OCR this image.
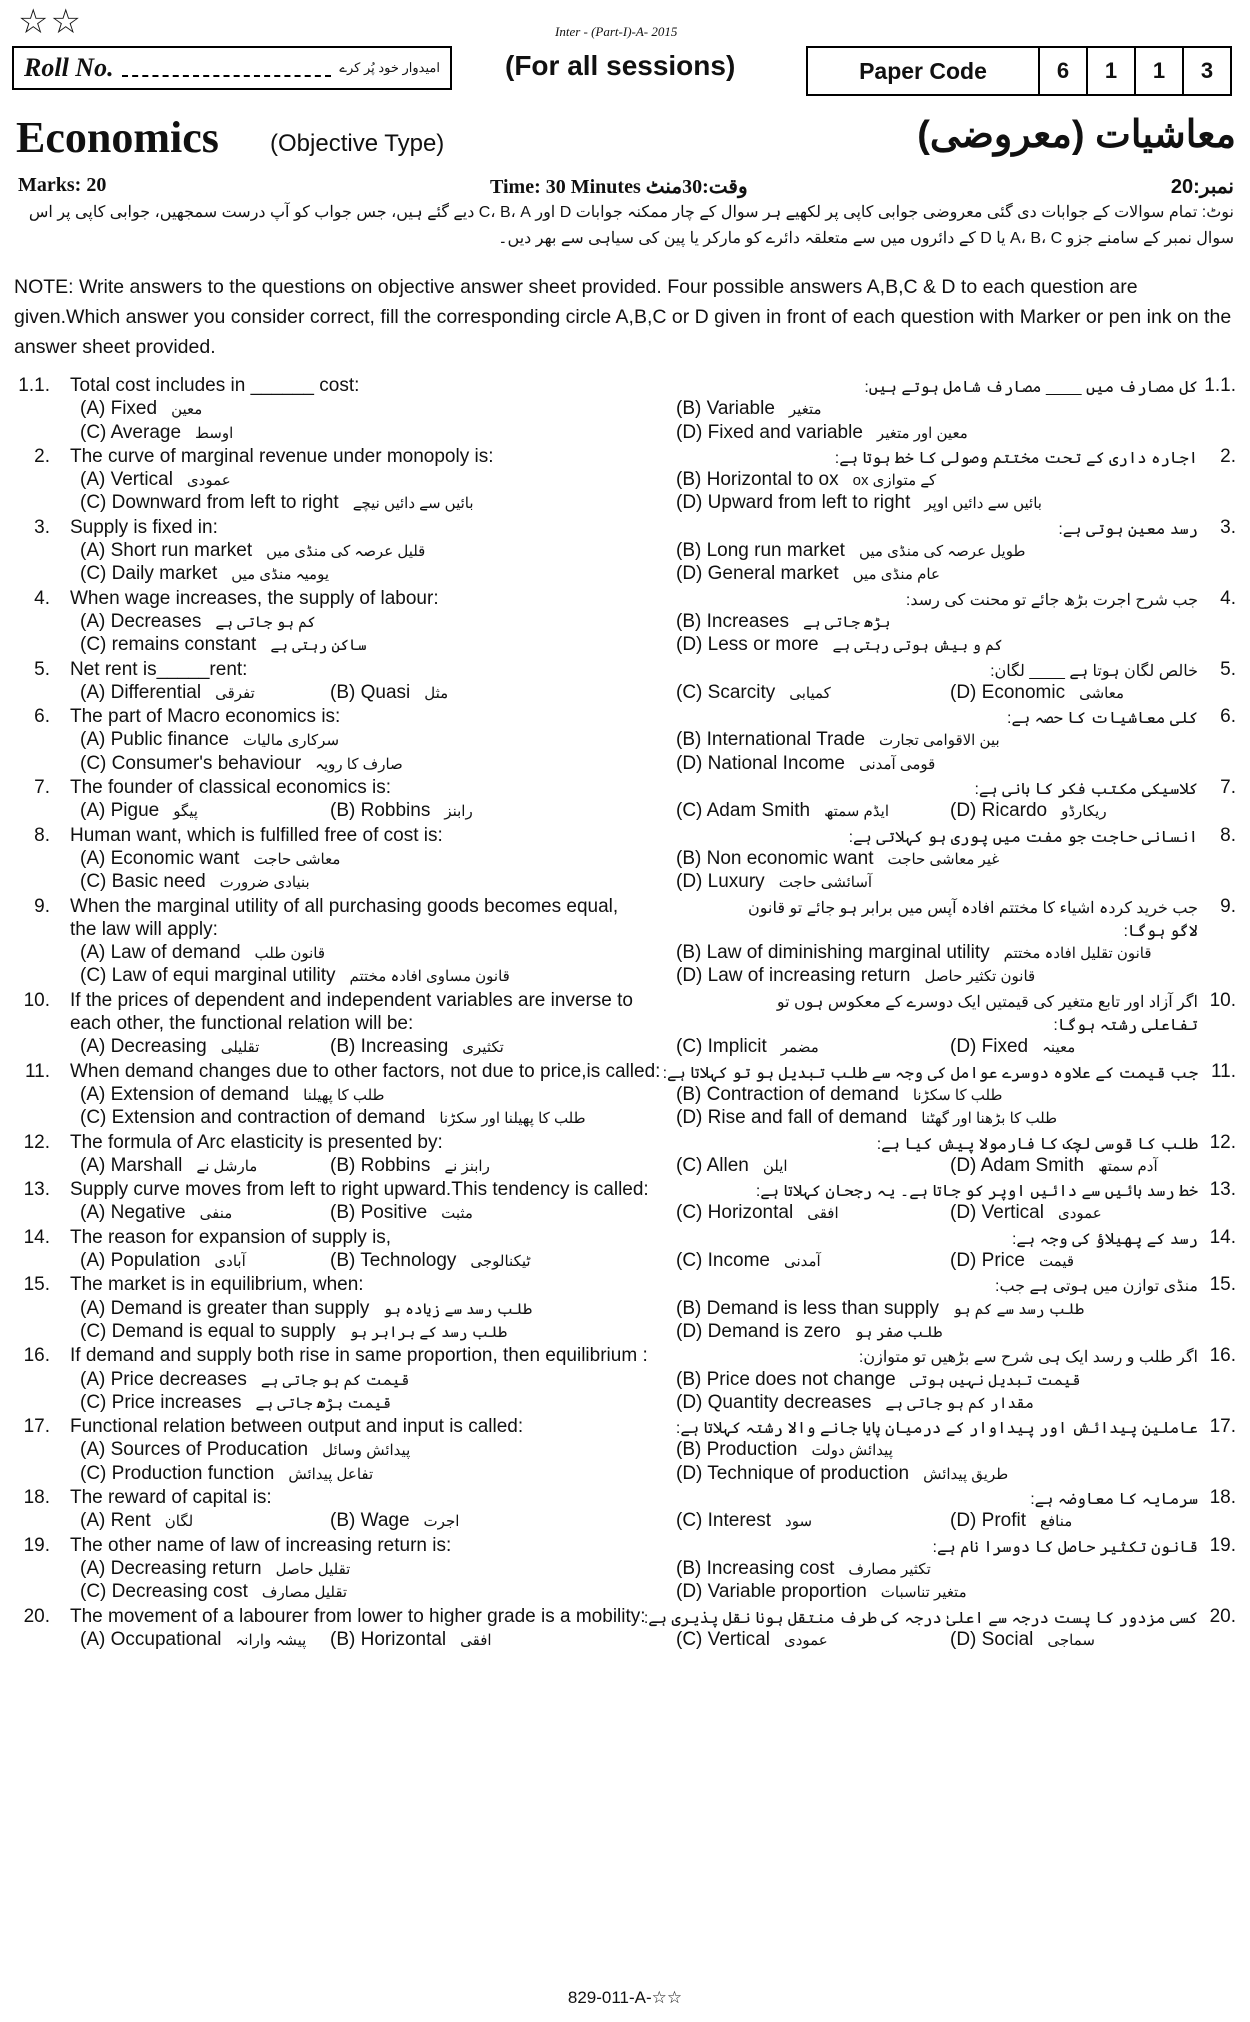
☆☆	Inter - (Part-I)-A- 2015
Roll No.	امیدوار خود پُر کرے (For all sessions)	Paper Code	6	1	1	3
Economics (Objective Type)	معاشیات (معروضی)
Marks: 20	Time: 30 Minutes وقت:30منٹ	نمبر:20
نوٹ: تمام سوالات کے جوابات دی گئی معروضی جوابی کاپی پر لکھیے ہر سوال کے چار ممکنہ جوابات D اور C، B، A دیے گئے ہیں، جس جواب کو آپ درست سمجھیں، جوابی کاپی پر اس سوال نمبر کے سامنے جزو A، B، C یا D کے دائروں میں سے متعلقہ دائرے کو مارکر یا پین کی سیاہی سے بھر دیں۔
NOTE: Write answers to the questions on objective answer sheet provided. Four possible answers A,B,C & D to each question are given.Which answer you consider correct, fill the corresponding circle A,B,C or D given in front of each question with Marker or pen ink on the answer sheet provided.
1.1. Total cost includes in ______ cost:	کل مصارف میں ____ مصارف شامل ہوتے ہیں: 1.1.
(A) Fixed معین	(B) Variable متغیر
(C) Average اوسط	(D) Fixed and variable معین اور متغیر
2. The curve of marginal revenue under monopoly is:	اجارہ داری کے تحت مختتم وصولی کا خط ہوتا ہے:	2.
(A) Vertical عمودی	(B) Horizontal to ox ox کے متوازی
(C) Downward from left to right بائیں سے دائیں نیچے	(D) Upward from left to right بائیں سے دائیں اوپر
3. Supply is fixed in:	رسد معین ہوتی ہے:	3.
(A) Short run market قلیل عرصہ کی منڈی میں	(B) Long run market طویل عرصہ کی منڈی میں
(C) Daily market یومیہ منڈی میں	(D) General market عام منڈی میں
4. When wage increases, the supply of labour:	جب شرح اجرت بڑھ جائے تو محنت کی رسد:	4.
(A) Decreases کم ہو جاتی ہے	(B) Increases بڑھ جاتی ہے
(C) remains constant ساکن رہتی ہے	(D) Less or more کم و بیش ہوتی رہتی ہے
5. Net rent is_____rent:	خالص لگان ہوتا ہے ____ لگان:	5.
(A) Differential تفرقی	(B) Quasi مثل	(C) Scarcity کمیابی	(D) Economic معاشی
6. The part of Macro economics is:	کلی معاشیات کا حصہ ہے:	6.
(A) Public finance سرکاری مالیات	(B) International Trade بین الاقوامی تجارت
(C) Consumer's behaviour صارف کا رویہ	(D) National Income قومی آمدنی
7. The founder of classical economics is:	کلاسیکی مکتب فکر کا بانی ہے:	7.
(A) Pigue پیگو	(B) Robbins رابنز	(C) Adam Smith ایڈم سمتھ	(D) Ricardo ریکارڈو
8. Human want, which is fulfilled free of cost is:	انسانی حاجت جو مفت میں پوری ہو کہلاتی ہے:	8.
(A) Economic want معاشی حاجت	(B) Non economic want غیر معاشی حاجت
(C) Basic need بنیادی ضرورت	(D) Luxury آسائشی حاجت
9. When the marginal utility of all purchasing goods becomes equal,	جب خرید کردہ اشیاء کا مختتم افادہ آپس میں برابر ہو جائے تو قانون	9.
the law will apply:	لاگو ہوگا:
(A) Law of demand قانون طلب	(B) Law of diminishing marginal utility قانون تقلیل افادہ مختتم
(C) Law of equi marginal utility قانون مساوی افادہ مختتم	(D) Law of increasing return قانون تکثیر حاصل
10. If the prices of dependent and independent variables are inverse to	اگر آزاد اور تابع متغیر کی قیمتیں ایک دوسرے کے معکوس ہوں تو 10.
each other, the functional relation will be:	تفاعلی رشتہ ہوگا:
(A) Decreasing تقلیلی	(B) Increasing تکثیری	(C) Implicit مضمر	(D) Fixed معینہ
11. When demand changes due to other factors, not due to price,is called: جب قیمت کے علاوہ دوسرے عوامل کی وجہ سے طلب تبدیل ہو تو کہلاتا ہے: 11.
(A) Extension of demand طلب کا پھیلنا	(B) Contraction of demand طلب کا سکڑنا
(C) Extension and contraction of demand طلب کا پھیلنا اور سکڑنا	(D) Rise and fall of demand طلب کا بڑھنا اور گھٹنا
12. The formula of Arc elasticity is presented by:	طلب کا قوسی لچک کا فارمولا پیش کیا ہے: 12.
(A) Marshall مارشل نے	(B) Robbins رابنز نے	(C) Allen ایلن	(D) Adam Smith آدم سمتھ
13. Supply curve moves from left to right upward.This tendency is called:	خط رسد بائیں سے دائیں اوپر کو جاتا ہے۔ یہ رجحان کہلاتا ہے: 13.
(A) Negative منفی	(B) Positive مثبت	(C) Horizontal افقی	(D) Vertical عمودی
14. The reason for expansion of supply is,	رسد کے پھیلاؤ کی وجہ ہے: 14.
(A) Population آبادی	(B) Technology ٹیکنالوجی	(C) Income آمدنی	(D) Price قیمت
15. The market is in equilibrium, when:	منڈی توازن میں ہوتی ہے جب: 15.
(A) Demand is greater than supply طلب رسد سے زیادہ ہو	(B) Demand is less than supply طلب رسد سے کم ہو
(C) Demand is equal to supply طلب رسد کے برابر ہو	(D) Demand is zero طلب صفر ہو
16. If demand and supply both rise in same proportion, then equilibrium :	اگر طلب و رسد ایک ہی شرح سے بڑھیں تو متوازن: 16.
(A) Price decreases قیمت کم ہو جاتی ہے	(B) Price does not change قیمت تبدیل نہیں ہوتی
(C) Price increases قیمت بڑھ جاتی ہے	(D) Quantity decreases مقدار کم ہو جاتی ہے
17. Functional relation between output and input is called:	عاملین پیدائش اور پیداوار کے درمیان پایا جانے والا رشتہ کہلاتا ہے: 17.
(A) Sources of Producation پیدائش وسائل	(B) Production پیدائش دولت
(C) Production function تفاعل پیدائش	(D) Technique of production طریق پیدائش
18. The reward of capital is:	سرمایہ کا معاوضہ ہے: 18.
(A) Rent لگان	(B) Wage اجرت	(C) Interest سود	(D) Profit منافع
19. The other name of law of increasing return is:	قانون تکثیر حاصل کا دوسرا نام ہے: 19.
(A) Decreasing return تقلیل حاصل	(B) Increasing cost تکثیر مصارف
(C) Decreasing cost تقلیل مصارف	(D) Variable proportion متغیر تناسبات
20. The movement of a labourer from lower to higher grade is a mobility:
کسی مزدور کا پست درجہ سے اعلیٰ درجہ کی طرف منتقل ہونا نقل پذیری ہے: 20.
(A) Occupational پیشہ وارانہ (B) Horizontal افقی	(C) Vertical عمودی	(D) Social سماجی
829-011-A-☆☆
